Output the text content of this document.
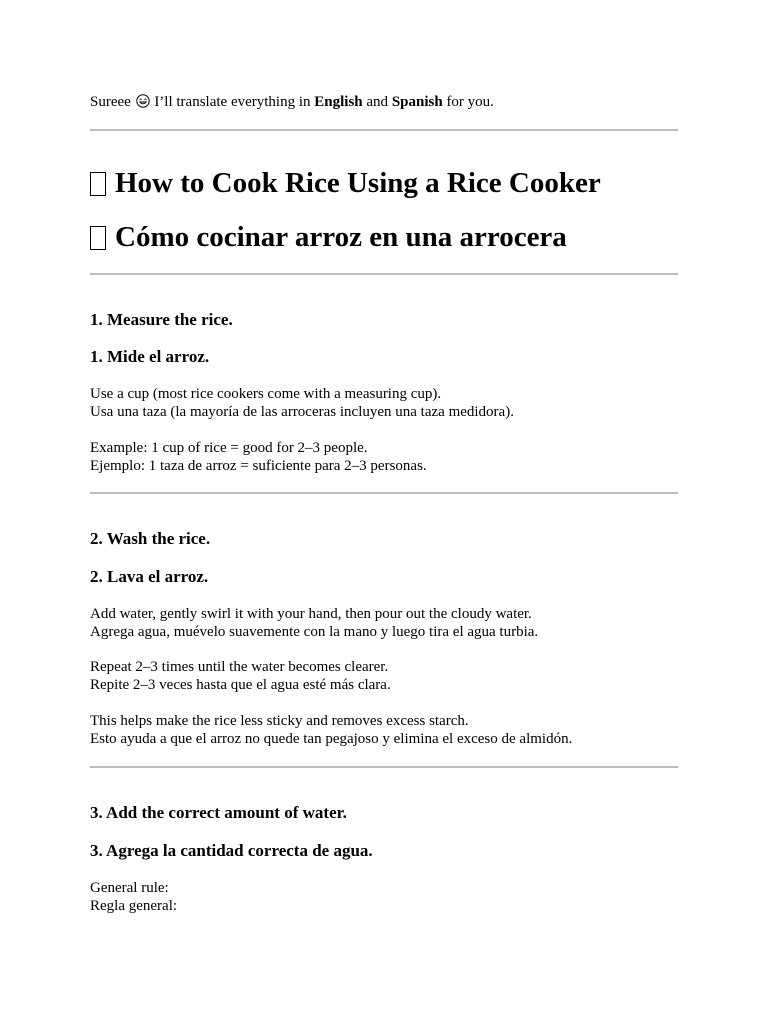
Sureee  I’ll translate everything in English and Spanish for you.
How to Cook Rice Using a Rice Cooker
Cómo cocinar arroz en una arrocera
1. Measure the rice.
1. Mide el arroz.
Use a cup (most rice cookers come with a measuring cup).
Usa una taza (la mayoría de las arroceras incluyen una taza medidora).
Example: 1 cup of rice = good for 2–3 people.
Ejemplo: 1 taza de arroz = suficiente para 2–3 personas.
2. Wash the rice.
2. Lava el arroz.
Add water, gently swirl it with your hand, then pour out the cloudy water.
Agrega agua, muévelo suavemente con la mano y luego tira el agua turbia.
Repeat 2–3 times until the water becomes clearer.
Repite 2–3 veces hasta que el agua esté más clara.
This helps make the rice less sticky and removes excess starch.
Esto ayuda a que el arroz no quede tan pegajoso y elimina el exceso de almidón.
3. Add the correct amount of water.
3. Agrega la cantidad correcta de agua.
General rule:
Regla general:
